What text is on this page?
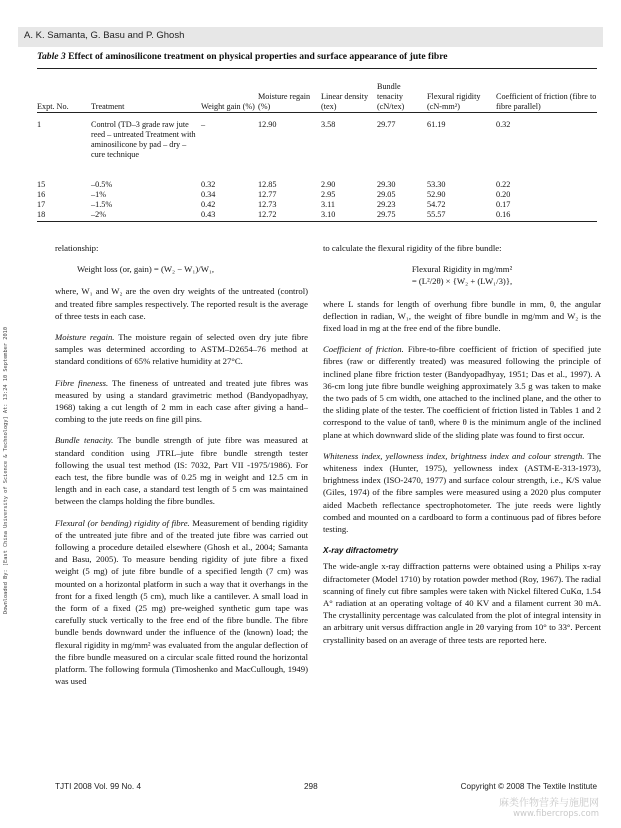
A. K. Samanta, G. Basu and P. Ghosh
Downloaded By: [East China University of Science & Technology] At: 13:24 10 September 2010
Table 3 Effect of aminosilicone treatment on physical properties and surface appearance of jute fibre
Expt. No.	Treatment	Weight gain (%)	Moisture regain (%)	Linear density (tex)	Bundle tenacity (cN/tex)	Flexural rigidity (cN-mm²)	Coefficient of friction (fibre to fibre parallel)

1	Control (TD–3 grade raw jute reed – untreated Treatment with aminosilicone by pad – dry – cure technique	–	12.90	3.58	29.77	61.19	0.32
15	–0.5%	0.32	12.85	2.90	29.30	53.30	0.22
16	–1%	0.34	12.77	2.95	29.05	52.90	0.20
17	–1.5%	0.42	12.73	3.11	29.23	54.72	0.17
18	–2%	0.43	12.72	3.10	29.75	55.57	0.16

relationship:

Weight loss (or, gain) = (W₂ − W₁)/W₁,

where, W₁ and W₂ are the oven dry weights of the untreated (control) and treated fibre samples respectively. The reported result is the average of three tests in each case.

Moisture regain. The moisture regain of selected oven dry jute fibre samples was determined according to ASTM–D2654–76 method at standard conditions of 65% relative humidity at 27°C.

Fibre fineness. The fineness of untreated and treated jute fibres was measured by using a standard gravimetric method (Bandyopadhyay, 1968) taking a cut length of 2 mm in each case after giving a hand–combing to the jute reeds on fine gill pins.

Bundle tenacity. The bundle strength of jute fibre was measured at standard condition using JTRL–jute fibre bundle strength tester following the usual test method (IS: 7032, Part VII -1975/1986). For each test, the fibre bundle was of 0.25 mg in weight and 12.5 cm in length and in each case, a standard test length of 5 cm was maintained between the clamps holding the fibre bundles.

Flexural (or bending) rigidity of fibre. Measurement of bending rigidity of the untreated jute fibre and of the treated jute fibre was carried out following a procedure detailed elsewhere (Ghosh et al., 2004; Samanta and Basu, 2005). To measure bending rigidity of jute fibre a fixed weight (5 mg) of jute fibre bundle of a specified length (7 cm) was mounted on a horizontal platform in such a way that it overhangs in the front for a fixed length (5 cm), much like a cantilever. A small load in the form of a fixed (25 mg) pre-weighed synthetic gum tape was carefully stuck vertically to the free end of the fibre bundle. The fibre bundle bends downward under the influence of the (known) load; the flexural rigidity in mg/mm² was evaluated from the angular deflection of the fibre bundle measured on a circular scale fitted round the horizontal platform. The following formula (Timoshenko and MacCullough, 1949) was used

to calculate the flexural rigidity of the fibre bundle:

Flexural Rigidity in mg/mm²
= (L²/2θ) × {W₂ + (LW₁/3)},

where L stands for length of overhung fibre bundle in mm, θ, the angular deflection in radian, W₁, the weight of fibre bundle in mg/mm and W₂ is the fixed load in mg at the free end of the fibre bundle.

Coefficient of friction. Fibre-to-fibre coefficient of friction of specified jute fibres (raw or differently treated) was measured following the principle of inclined plane fibre friction tester (Bandyopadhyay, 1951; Das et al., 1997). A 36-cm long jute fibre bundle weighing approximately 3.5 g was taken to make the two pads of 5 cm width, one attached to the inclined plane, and the other to the sliding plate of the tester. The coefficient of friction listed in Tables 1 and 2 correspond to the value of tanθ, where θ is the minimum angle of the inclined plane at which downward slide of the sliding plate was found to first occur.

Whiteness index, yellowness index, brightness index and colour strength. The whiteness index (Hunter, 1975), yellowness index (ASTM-E-313-1973), brightness index (ISO-2470, 1977) and surface colour strength, i.e., K/S value (Giles, 1974) of the fibre samples were measured using a 2020 plus computer aided Macbeth reflectance spectrophotometer. The jute reeds were lightly combed and mounted on a cardboard to form a continuous pad of fibres before testing.

X-ray difractometry

The wide-angle x-ray diffraction patterns were obtained using a Philips x-ray difractometer (Model 1710) by rotation powder method (Roy, 1967). The radial scanning of finely cut fibre samples were taken with Nickel filtered CuKα, 1.54 A° radiation at an operating voltage of 40 KV and a filament current 30 mA. The crystallinity percentage was calculated from the plot of integral intensity in an arbitrary unit versus diffraction angle in 2θ varying from 10° to 33°. Percent crystallinity based on an average of three tests are reported here.

TJTI 2008 Vol. 99 No. 4	298	Copyright © 2008 The Textile Institute
麻类作物营养与施肥网
www.fibercrops.com
